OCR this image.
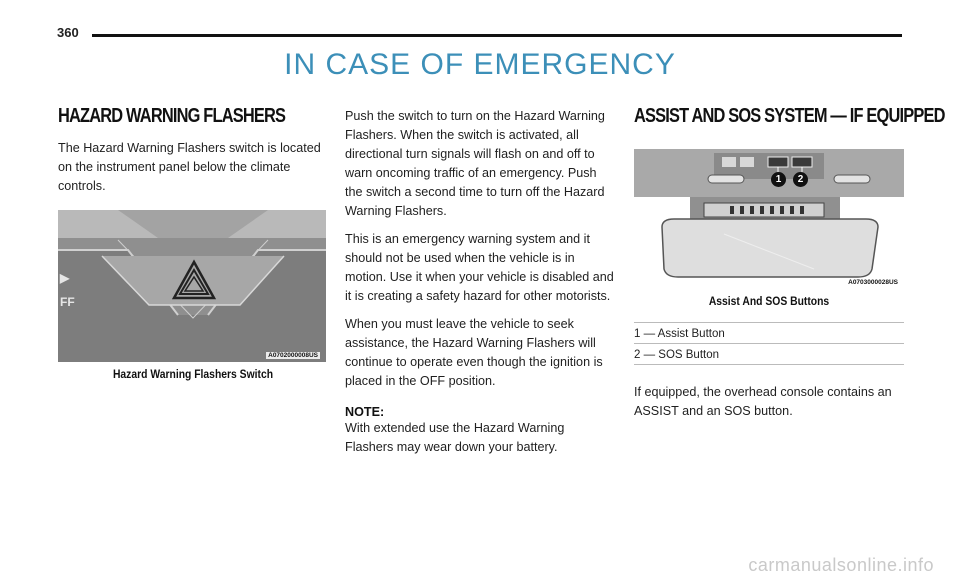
360
IN CASE OF EMERGENCY
HAZARD WARNING FLASHERS

The Hazard Warning Flashers switch is located on the instrument panel below the climate controls.

▶
FF
A0702000008US
Hazard Warning Flashers Switch

Push the switch to turn on the Hazard Warning Flashers. When the switch is activated, all directional turn signals will flash on and off to warn oncoming traffic of an emergency. Push the switch a second time to turn off the Hazard Warning Flashers.

This is an emergency warning system and it should not be used when the vehicle is in motion. Use it when your vehicle is disabled and it is creating a safety hazard for other motorists.

When you must leave the vehicle to seek assistance, the Hazard Warning Flashers will continue to operate even though the ignition is placed in the OFF position.

NOTE:

With extended use the Hazard Warning Flashers may wear down your battery.

ASSIST AND SOS SYSTEM — IF EQUIPPED
1	2
A0703000028US
Assist And SOS Buttons
1 — Assist Button
2 — SOS Button

If equipped, the overhead console contains an ASSIST and an SOS button.

carmanualsonline.info
